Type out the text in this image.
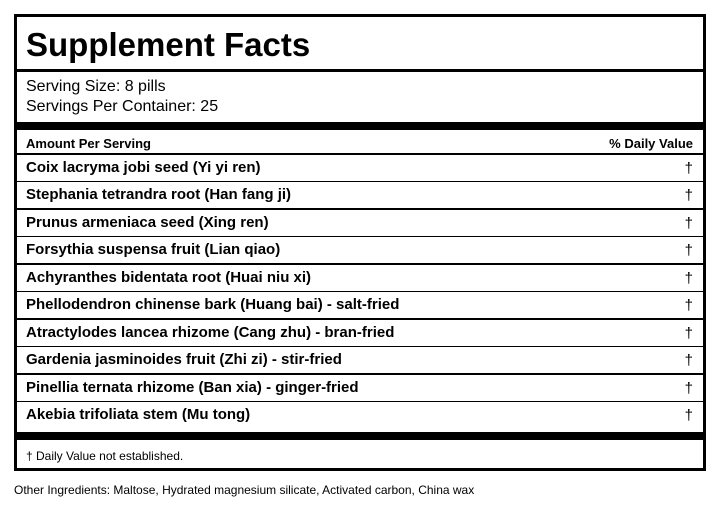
Supplement Facts
Serving Size: 8 pills
Servings Per Container: 25
Amount Per Serving	% Daily Value
Coix lacryma jobi seed (Yi yi ren)	†
Stephania tetrandra root (Han fang ji)	†
Prunus armeniaca seed (Xing ren)	†
Forsythia suspensa fruit (Lian qiao)	†
Achyranthes bidentata root (Huai niu xi)	†
Phellodendron chinense bark (Huang bai) - salt-fried	†
Atractylodes lancea rhizome (Cang zhu) - bran-fried	†
Gardenia jasminoides fruit (Zhi zi) - stir-fried	†
Pinellia ternata rhizome (Ban xia) - ginger-fried	†
Akebia trifoliata stem (Mu tong)	†
† Daily Value not established.
Other Ingredients: Maltose, Hydrated magnesium silicate, Activated carbon, China wax
